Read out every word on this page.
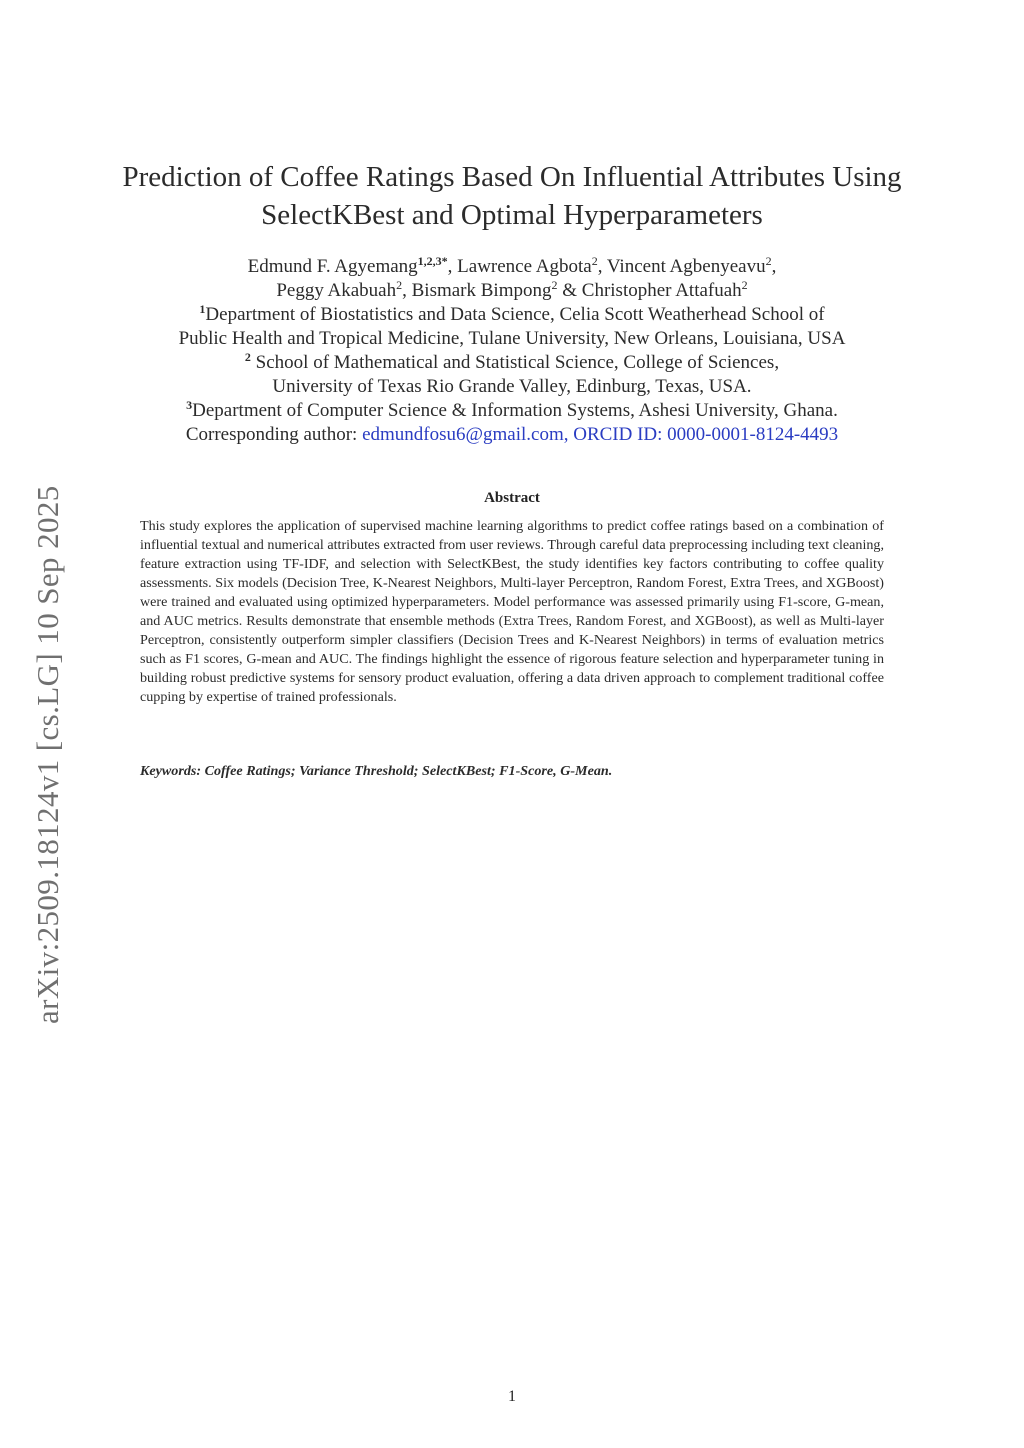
arXiv:2509.18124v1 [cs.LG] 10 Sep 2025
Prediction of Coffee Ratings Based On Influential Attributes Using
SelectKBest and Optimal Hyperparameters
Edmund F. Agyemang$^{1,2,3*}$, Lawrence Agbota$^2$, Vincent Agbenyeavu$^2$,
Peggy Akabuah$^2$, Bismark Bimpong$^2$ & Christopher Attafuah$^2$
$^1$Department of Biostatistics and Data Science, Celia Scott Weatherhead School of
Public Health and Tropical Medicine, Tulane University, New Orleans, Louisiana, USA
$^2$ School of Mathematical and Statistical Science, College of Sciences,
University of Texas Rio Grande Valley, Edinburg, Texas, USA.
$^3$Department of Computer Science & Information Systems, Ashesi University, Ghana.
Corresponding author: edmundfosu6@gmail.com, ORCID ID: 0000-0001-8124-4493
Abstract

This study explores the application of supervised machine learning algorithms to predict coffee ratings based on a combination of influential textual and numerical attributes extracted from user reviews. Through careful data preprocessing including text cleaning, feature extraction using TF-IDF, and selection with SelectKBest, the study identifies key factors contributing to coffee quality assessments. Six models (Decision Tree, K-Nearest Neighbors, Multi-layer Perceptron, Random Forest, Extra Trees, and XGBoost) were trained and evaluated using optimized hyperparameters. Model performance was assessed primarily using F1-score, G-mean, and AUC metrics. Results demonstrate that ensemble methods (Extra Trees, Random Forest, and XGBoost), as well as Multi-layer Perceptron, consistently outperform simpler classifiers (Decision Trees and K-Nearest Neighbors) in terms of evaluation metrics such as F1 scores, G-mean and AUC. The findings highlight the essence of rigorous feature selection and hyperparameter tuning in building robust predictive systems for sensory product evaluation, offering a data driven approach to complement traditional coffee cupping by expertise of trained professionals.

Keywords: Coffee Ratings; Variance Threshold; SelectKBest; F1-Score, G-Mean.
1
